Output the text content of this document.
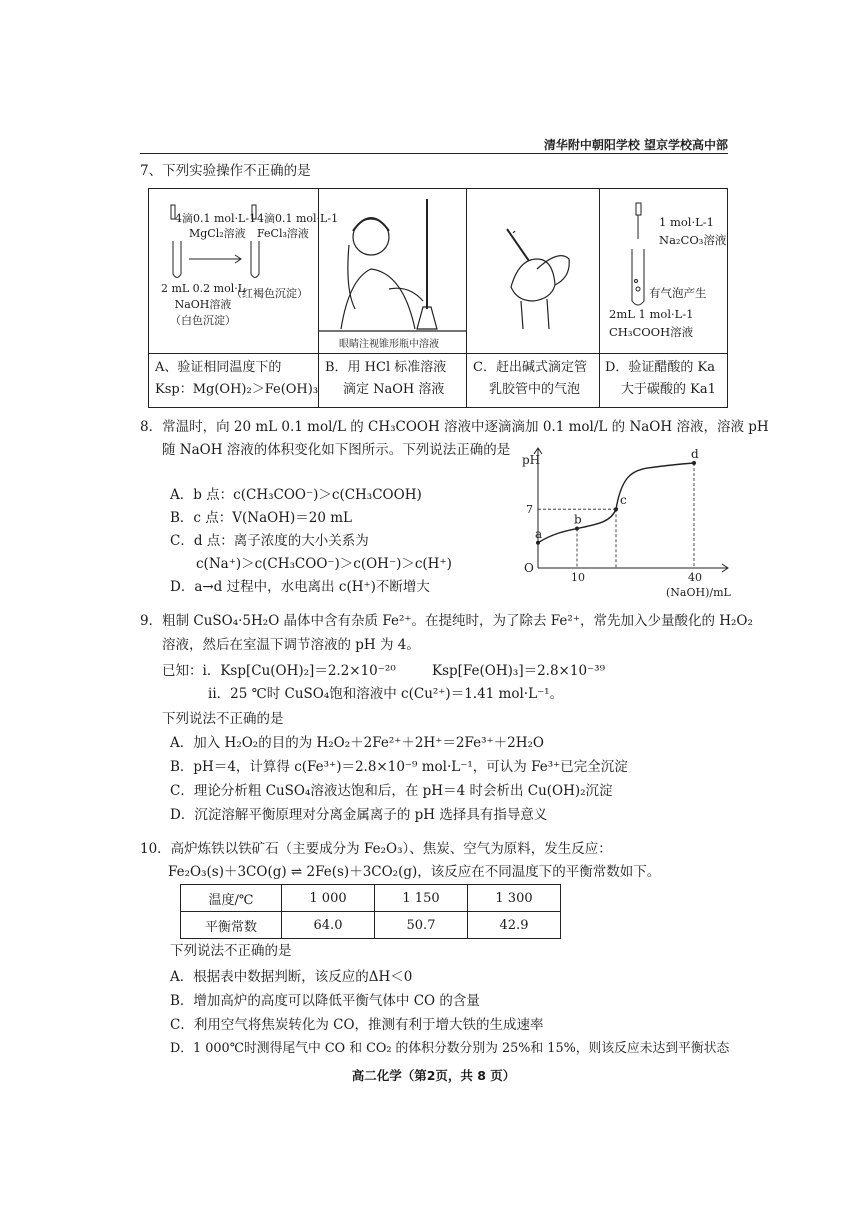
清华附中朝阳学校 望京学校高中部
7、下列实验操作不正确的是
4滴0.1 mol·L-1
MgCl₂溶液
4滴0.1 mol·L-1
FeCl₃溶液
2 mL 0.2 mol·L
NaOH溶液
（白色沉淀）
（红褐色沉淀）
眼睛注视锥形瓶中溶液
1 mol·L-1
Na₂CO₃溶液
有气泡产生
2mL 1 mol·L-1
CH₃COOH溶液
A、验证相同温度下的
Ksp：Mg(OH)₂＞Fe(OH)₃
B．用 HCl 标准溶液
滴定 NaOH 溶液
C．赶出碱式滴定管
乳胶管中的气泡
D．验证醋酸的 Ka
大于碳酸的 Ka1
8．常温时，向 20 mL 0.1 mol/L 的 CH₃COOH 溶液中逐滴滴加 0.1 mol/L 的 NaOH 溶液，溶液 pH
随 NaOH 溶液的体积变化如下图所示。下列说法正确的是
A．b 点：c(CH₃COO⁻)＞c(CH₃COOH)
B．c 点：V(NaOH)＝20 mL
C．d 点：离子浓度的大小关系为
c(Na⁺)＞c(CH₃COO⁻)＞c(OH⁻)＞c(H⁺)
D．a→d 过程中，水电离出 c(H⁺)不断增大
a
b
c
d
10	40
7
O
pH
(NaOH)/mL
9．粗制 CuSO₄·5H₂O 晶体中含有杂质 Fe²⁺。在提纯时，为了除去 Fe²⁺，常先加入少量酸化的 H₂O₂
溶液，然后在室温下调节溶液的 pH 为 4。
已知：i．Ksp[Cu(OH)₂]＝2.2×10⁻²⁰	Ksp[Fe(OH)₃]＝2.8×10⁻³⁹
ii．25 ℃时 CuSO₄饱和溶液中 c(Cu²⁺)＝1.41 mol·L⁻¹。
下列说法不正确的是
A．加入 H₂O₂的目的为 H₂O₂＋2Fe²⁺＋2H⁺＝2Fe³⁺＋2H₂O
B．pH＝4，计算得 c(Fe³⁺)＝2.8×10⁻⁹ mol·L⁻¹，可认为 Fe³⁺已完全沉淀
C．理论分析粗 CuSO₄溶液达饱和后，在 pH＝4 时会析出 Cu(OH)₂沉淀
D．沉淀溶解平衡原理对分离金属离子的 pH 选择具有指导意义
10．高炉炼铁以铁矿石（主要成分为 Fe₂O₃）、焦炭、空气为原料，发生反应：
Fe₂O₃(s)＋3CO(g) ⇌ 2Fe(s)＋3CO₂(g)，该反应在不同温度下的平衡常数如下。
温度/℃	1 000	1 150	1 300
平衡常数	64.0	50.7	42.9
下列说法不正确的是
A．根据表中数据判断，该反应的ΔH＜0
B．增加高炉的高度可以降低平衡气体中 CO 的含量
C．利用空气将焦炭转化为 CO，推测有利于增大铁的生成速率
D．1 000℃时测得尾气中 CO 和 CO₂ 的体积分数分别为 25%和 15%，则该反应未达到平衡状态
高二化学（第2页，共 8 页）
